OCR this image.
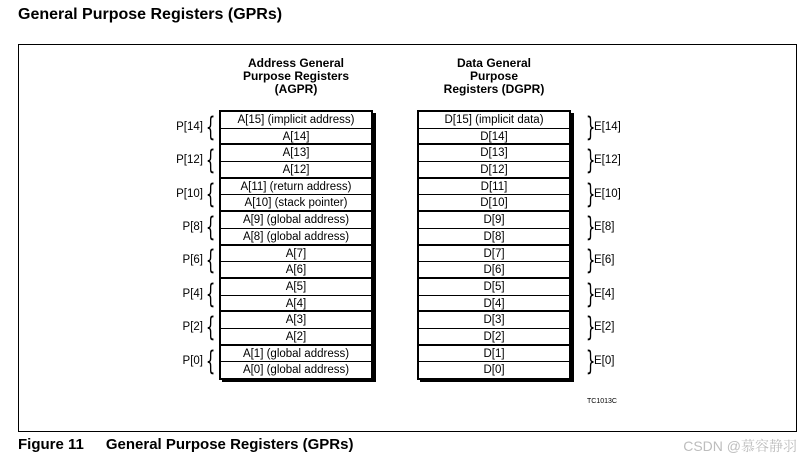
General Purpose Registers (GPRs)
Address General
Purpose Registers
(AGPR)
Data General
Purpose
Registers (DGPR)
A[15] (implicit address)
A[14]
A[13]
A[12]
A[11] (return address)
A[10] (stack pointer)
A[9] (global address)
A[8] (global address)
A[7]
A[6]
A[5]
A[4]
A[3]
A[2]
A[1] (global address)
A[0] (global address)
D[15] (implicit data)
D[14]
D[13]
D[12]
D[11]
D[10]
D[9]
D[8]
D[7]
D[6]
D[5]
D[4]
D[3]
D[2]
D[1]
D[0]
{
P[14]
{
P[12]
{
P[10]
{
P[8]
{
P[6]
{
P[4]
{
P[2]
{
P[0]
}
E[14]
}
E[12]
}
E[10]
}
E[8]
}
E[6]
}
E[4]
}
E[2]
}
E[0]
TC1013C
Figure 11 General Purpose Registers (GPRs)	CSDN @慕容静羽
